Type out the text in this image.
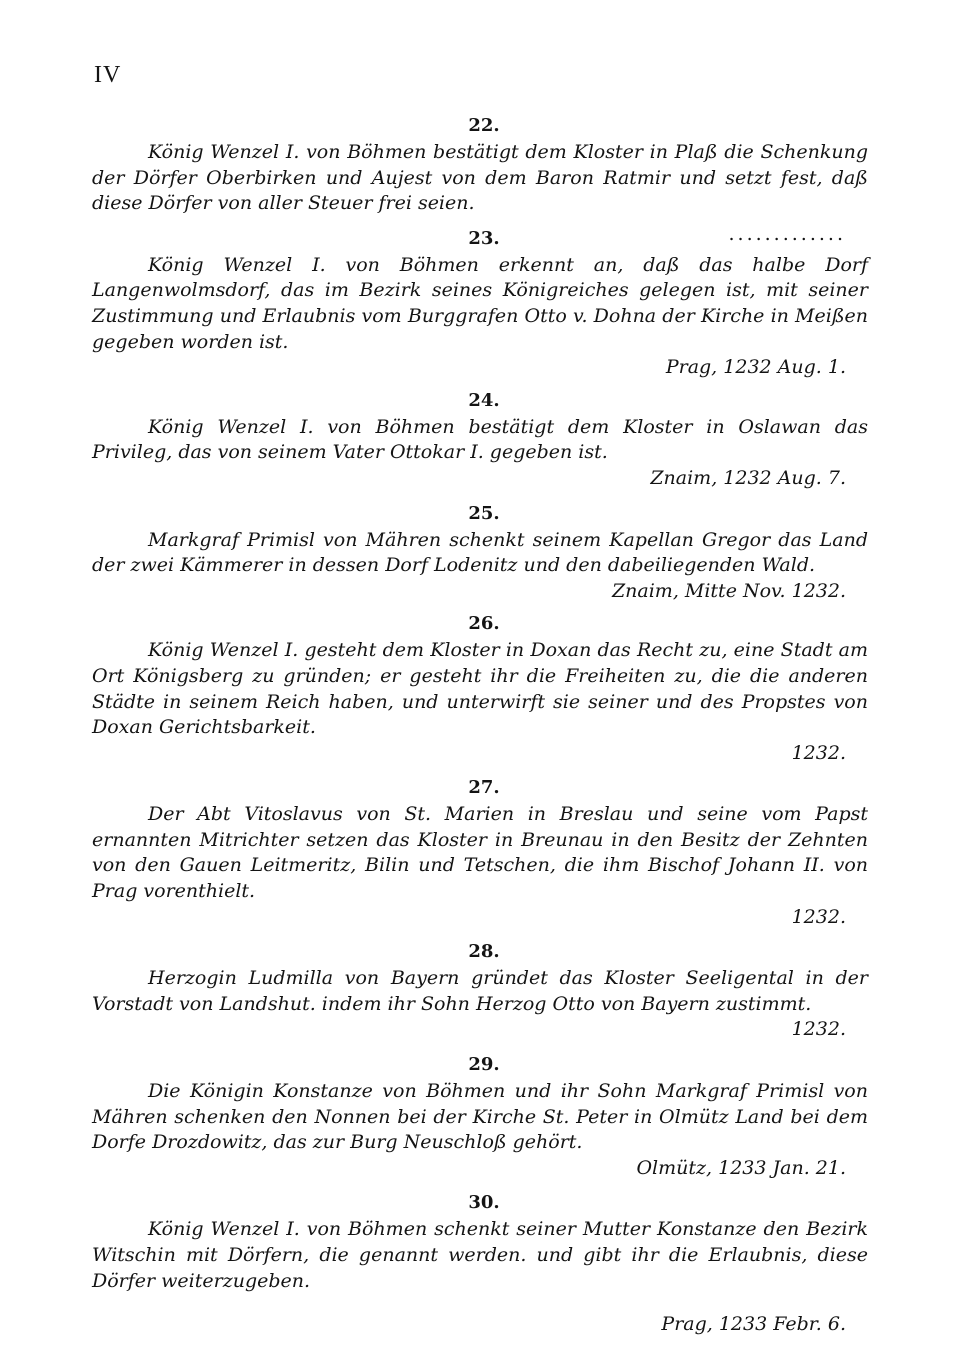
IV
22.

König Wenzel I. von Böhmen bestätigt dem Kloster in Plaß die Schenkung der Dörfer Oberbirken und Aujest von dem Baron Ratmir und setzt fest, daß diese Dörfer von aller Steuer frei seien.

.............

23.

König Wenzel I. von Böhmen erkennt an, daß das halbe Dorf Langenwolmsdorf, das im Bezirk seines Königreiches gelegen ist, mit seiner Zustimmung und Erlaubnis vom Burggrafen Otto v. Dohna der Kirche in Meißen gegeben worden ist.

Prag, 1232 Aug. 1.

24.

König Wenzel I. von Böhmen bestätigt dem Kloster in Oslawan das Privileg, das von seinem Vater Ottokar I. gegeben ist.

Znaim, 1232 Aug. 7.

25.

Markgraf Primisl von Mähren schenkt seinem Kapellan Gregor das Land der zwei Kämmerer in dessen Dorf Lodenitz und den dabeiliegenden Wald.

Znaim, Mitte Nov. 1232.

26.

König Wenzel I. gesteht dem Kloster in Doxan das Recht zu, eine Stadt am Ort Königsberg zu gründen; er gesteht ihr die Freiheiten zu, die die anderen Städte in seinem Reich haben, und unterwirft sie seiner und des Propstes von Doxan Gerichtsbarkeit.

1232.

27.

Der Abt Vitoslavus von St. Marien in Breslau und seine vom Papst ernannten Mitrichter setzen das Kloster in Breunau in den Besitz der Zehnten von den Gauen Leitmeritz, Bilin und Tetschen, die ihm Bischof Johann II. von Prag vorenthielt.

1232.

28.

Herzogin Ludmilla von Bayern gründet das Kloster Seeligental in der Vorstadt von Landshut. indem ihr Sohn Herzog Otto von Bayern zustimmt.

1232.

29.

Die Königin Konstanze von Böhmen und ihr Sohn Markgraf Primisl von Mähren schenken den Nonnen bei der Kirche St. Peter in Olmütz Land bei dem Dorfe Drozdowitz, das zur Burg Neuschloß gehört.

Olmütz, 1233 Jan. 21.

30.

König Wenzel I. von Böhmen schenkt seiner Mutter Konstanze den Bezirk Witschin mit Dörfern, die genannt werden. und gibt ihr die Erlaubnis, diese Dörfer weiterzugeben.

Prag, 1233 Febr. 6.
